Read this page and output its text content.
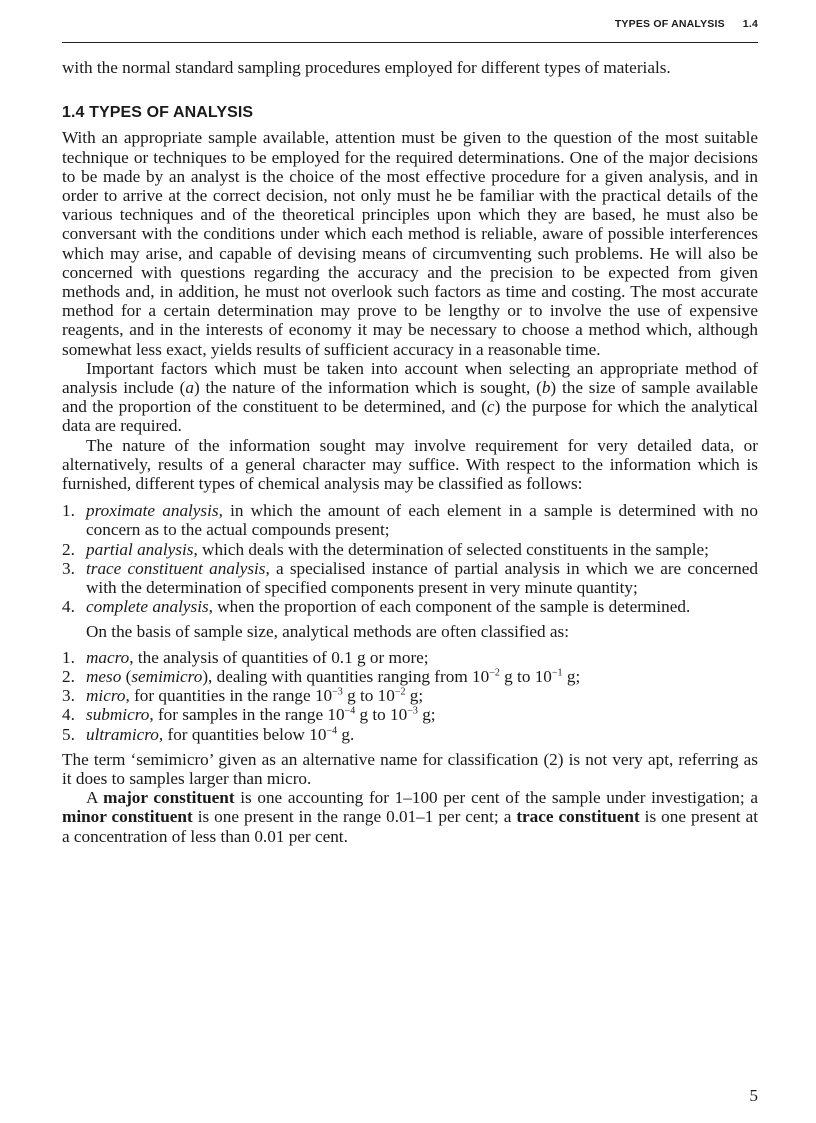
TYPES OF ANALYSIS 1.4

with the normal standard sampling procedures employed for different types of materials.

1.4 TYPES OF ANALYSIS

With an appropriate sample available, attention must be given to the question of the most suitable technique or techniques to be employed for the required determinations. One of the major decisions to be made by an analyst is the choice of the most effective procedure for a given analysis, and in order to arrive at the correct decision, not only must he be familiar with the practical details of the various techniques and of the theoretical principles upon which they are based, he must also be conversant with the conditions under which each method is reliable, aware of possible interferences which may arise, and capable of devising means of circumventing such problems. He will also be concerned with questions regarding the accuracy and the precision to be expected from given methods and, in addition, he must not overlook such factors as time and costing. The most accurate method for a certain determination may prove to be lengthy or to involve the use of expensive reagents, and in the interests of economy it may be necessary to choose a method which, although somewhat less exact, yields results of sufficient accuracy in a reasonable time.

Important factors which must be taken into account when selecting an appropriate method of analysis include (a) the nature of the information which is sought, (b) the size of sample available and the proportion of the constituent to be determined, and (c) the purpose for which the analytical data are required.

The nature of the information sought may involve requirement for very detailed data, or alternatively, results of a general character may suffice. With respect to the information which is furnished, different types of chemical analysis may be classified as follows:

1. proximate analysis, in which the amount of each element in a sample is determined with no concern as to the actual compounds present;
2. partial analysis, which deals with the determination of selected constituents in the sample;
3. trace constituent analysis, a specialised instance of partial analysis in which we are concerned with the determination of specified components present in very minute quantity;
4. complete analysis, when the proportion of each component of the sample is determined.

On the basis of sample size, analytical methods are often classified as:

1. macro, the analysis of quantities of 0.1 g or more;
2. meso (semimicro), dealing with quantities ranging from $10^{-2}$ g to $10^{-1}$ g;
3. micro, for quantities in the range $10^{-3}$ g to $10^{-2}$ g;
4. submicro, for samples in the range $10^{-4}$ g to $10^{-3}$ g;
5. ultramicro, for quantities below $10^{-4}$ g.

The term ‘semimicro’ given as an alternative name for classification (2) is not very apt, referring as it does to samples larger than micro.

A major constituent is one accounting for 1–100 per cent of the sample under investigation; a minor constituent is one present in the range 0.01–1 per cent; a trace constituent is one present at a concentration of less than 0.01 per cent.

5
